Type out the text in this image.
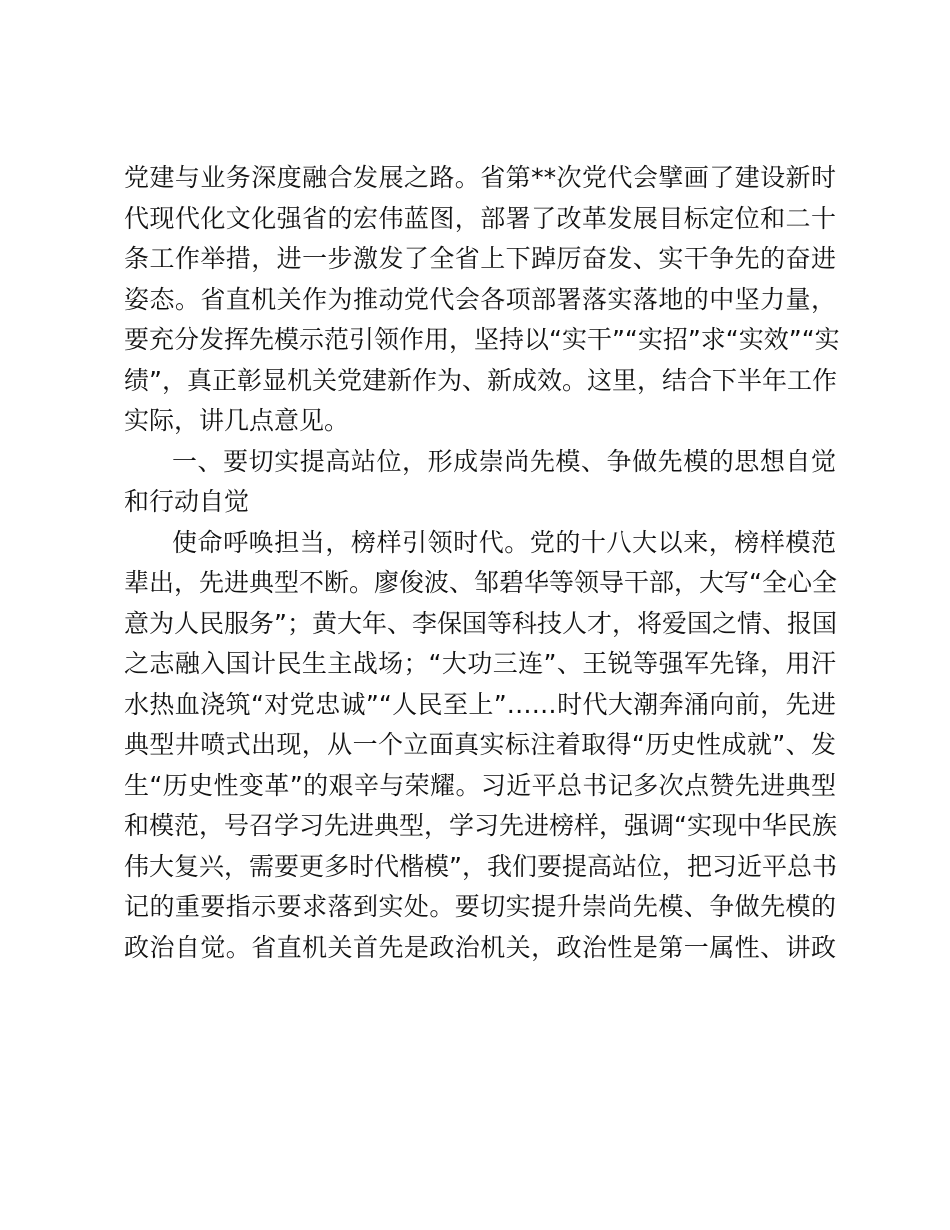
党建与业务深度融合发展之路。省第**次党代会擘画了建设新时
代现代化文化强省的宏伟蓝图，部署了改革发展目标定位和二十
条工作举措，进一步激发了全省上下踔厉奋发、实干争先的奋进
姿态。省直机关作为推动党代会各项部署落实落地的中坚力量，
要充分发挥先模示范引领作用，坚持以“实干”“实招”求“实效”“实
绩”，真正彰显机关党建新作为、新成效。这里，结合下半年工作
实际，讲几点意见。
一、要切实提高站位，形成崇尚先模、争做先模的思想自觉
和行动自觉
使命呼唤担当，榜样引领时代。党的十八大以来，榜样模范
辈出，先进典型不断。廖俊波、邹碧华等领导干部，大写“全心全
意为人民服务”；黄大年、李保国等科技人才，将爱国之情、报国
之志融入国计民生主战场；“大功三连”、王锐等强军先锋，用汗
水热血浇筑“对党忠诚”“人民至上”……时代大潮奔涌向前，先进
典型井喷式出现，从一个立面真实标注着取得“历史性成就”、发
生“历史性变革”的艰辛与荣耀。习近平总书记多次点赞先进典型
和模范，号召学习先进典型，学习先进榜样，强调“实现中华民族
伟大复兴，需要更多时代楷模”，我们要提高站位，把习近平总书
记的重要指示要求落到实处。要切实提升崇尚先模、争做先模的
政治自觉。省直机关首先是政治机关，政治性是第一属性、讲政
